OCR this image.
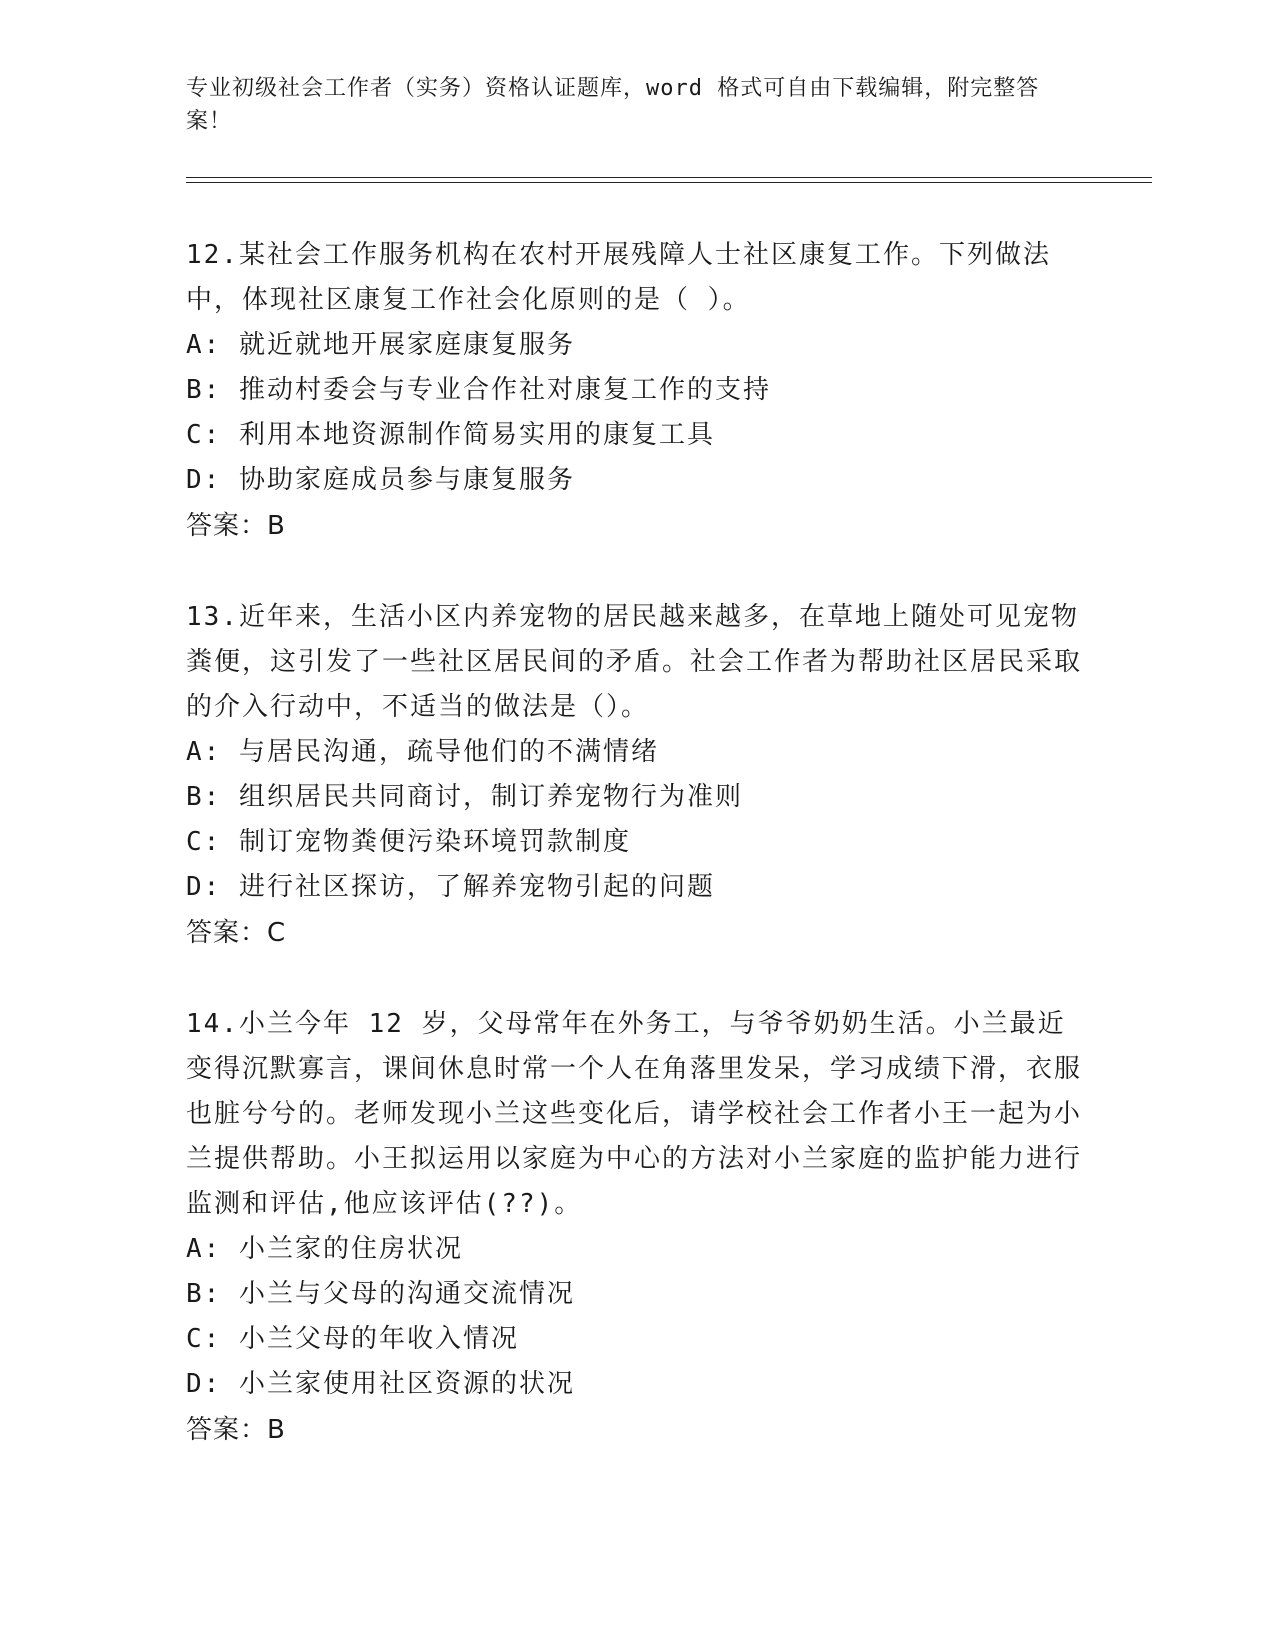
专业初级社会工作者（实务）资格认证题库，word 格式可自由下载编辑，附完整答案！
12.某社会工作服务机构在农村开展残障人士社区康复工作。下列做法中，体现社区康复工作社会化原则的是（ ）。
A: 就近就地开展家庭康复服务
B: 推动村委会与专业合作社对康复工作的支持
C: 利用本地资源制作简易实用的康复工具
D: 协助家庭成员参与康复服务
答案：B
13.近年来，生活小区内养宠物的居民越来越多，在草地上随处可见宠物粪便，这引发了一些社区居民间的矛盾。社会工作者为帮助社区居民采取的介入行动中，不适当的做法是（）。
A: 与居民沟通，疏导他们的不满情绪
B: 组织居民共同商讨，制订养宠物行为准则
C: 制订宠物粪便污染环境罚款制度
D: 进行社区探访，了解养宠物引起的问题
答案：C
14.小兰今年 12 岁，父母常年在外务工，与爷爷奶奶生活。小兰最近变得沉默寡言，课间休息时常一个人在角落里发呆，学习成绩下滑，衣服也脏兮兮的。老师发现小兰这些变化后，请学校社会工作者小王一起为小兰提供帮助。小王拟运用以家庭为中心的方法对小兰家庭的监护能力进行监测和评估,他应该评估(??)。
A: 小兰家的住房状况
B: 小兰与父母的沟通交流情况
C: 小兰父母的年收入情况
D: 小兰家使用社区资源的状况
答案：B
